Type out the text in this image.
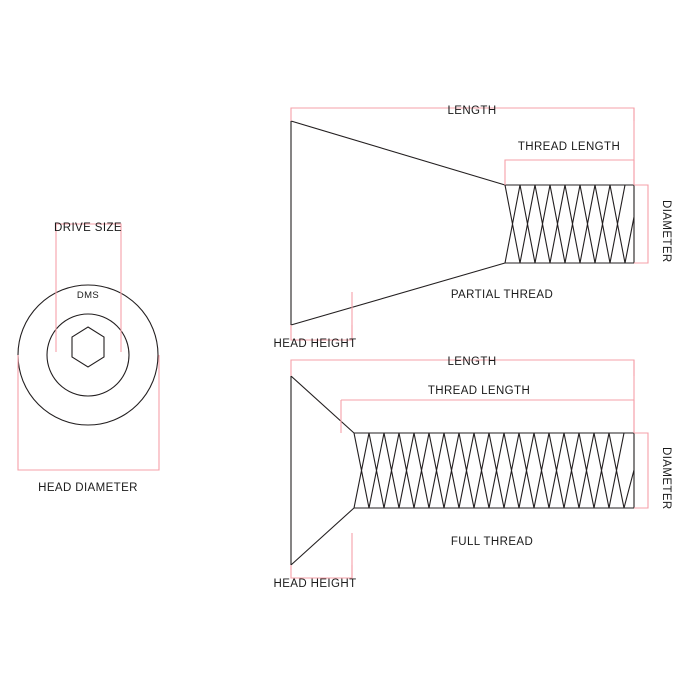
DRIVE SIZE
DMS
HEAD DIAMETER
LENGTH
THREAD LENGTH
DIAMETER
HEAD HEIGHT
PARTIAL THREAD
LENGTH
THREAD LENGTH
DIAMETER
HEAD HEIGHT
FULL THREAD
